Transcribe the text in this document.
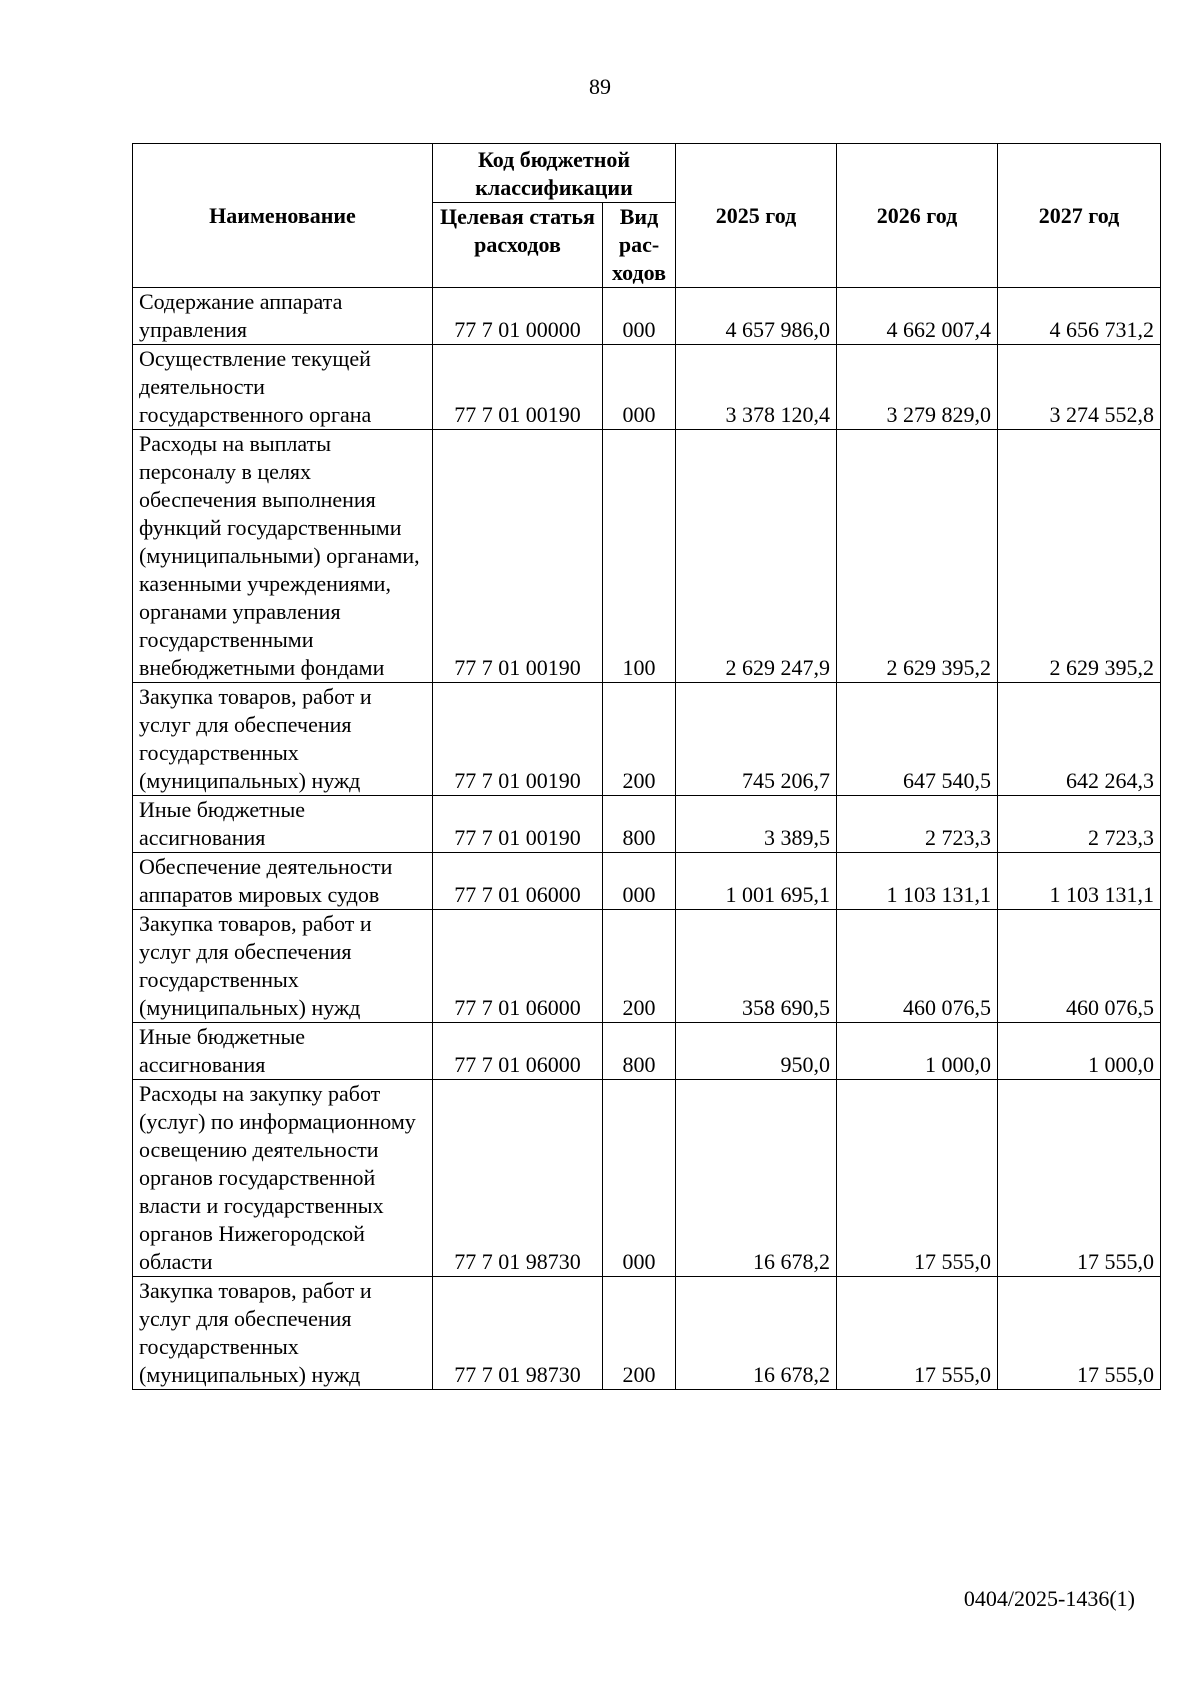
89
Наименование	Код бюджетной классификации		2025 год	2026 год	2027 год
	Целевая статья расходов	Вид рас- ходов			
Содержание аппарата управления	77 7 01 00000	000	4 657 986,0	4 662 007,4	4 656 731,2
Осуществление текущей деятельности государственного органа	77 7 01 00190	000	3 378 120,4	3 279 829,0	3 274 552,8
Расходы на выплаты персоналу в целях обеспечения выполнения функций государственными (муниципальными) органами, казенными учреждениями, органами управления государственными внебюджетными фондами	77 7 01 00190	100	2 629 247,9	2 629 395,2	2 629 395,2
Закупка товаров, работ и услуг для обеспечения государственных (муниципальных) нужд	77 7 01 00190	200	745 206,7	647 540,5	642 264,3
Иные бюджетные ассигнования	77 7 01 00190	800	3 389,5	2 723,3	2 723,3
Обеспечение деятельности аппаратов мировых судов	77 7 01 06000	000	1 001 695,1	1 103 131,1	1 103 131,1
Закупка товаров, работ и услуг для обеспечения государственных (муниципальных) нужд	77 7 01 06000	200	358 690,5	460 076,5	460 076,5
Иные бюджетные ассигнования	77 7 01 06000	800	950,0	1 000,0	1 000,0
Расходы на закупку работ (услуг) по информационному освещению деятельности органов государственной власти и государственных органов Нижегородской области	77 7 01 98730	000	16 678,2	17 555,0	17 555,0
Закупка товаров, работ и услуг для обеспечения государственных (муниципальных) нужд	77 7 01 98730	200	16 678,2	17 555,0	17 555,0
0404/2025-1436(1)
